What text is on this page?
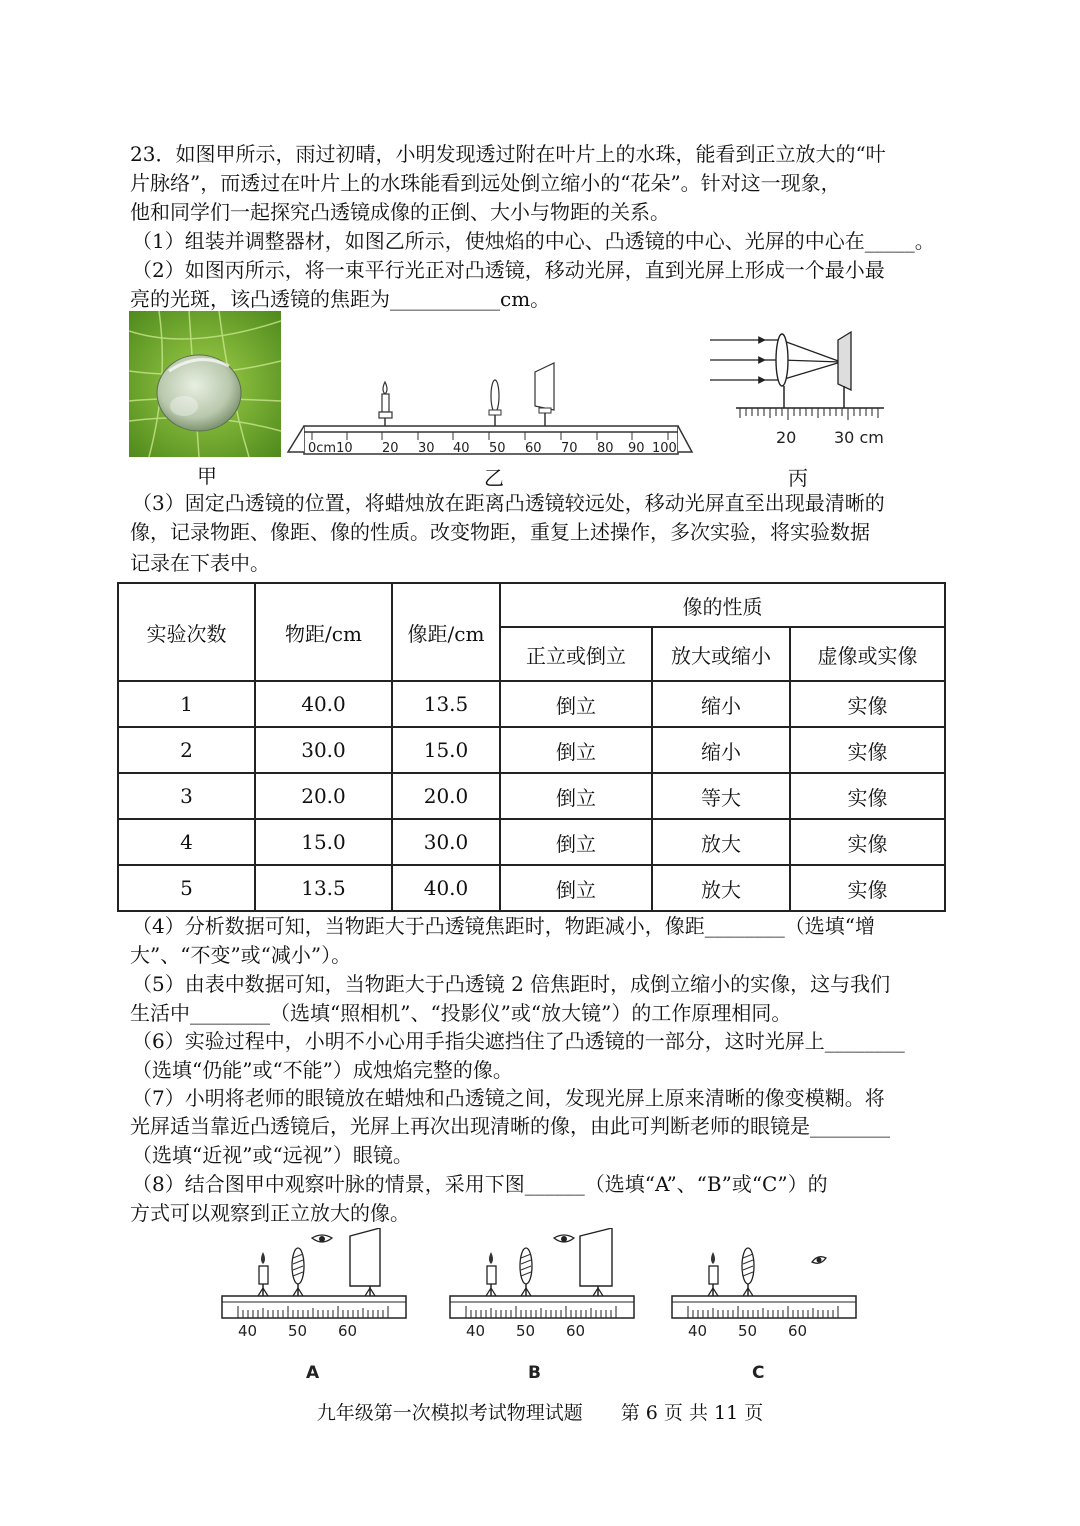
23．如图甲所示，雨过初晴，小明发现透过附在叶片上的水珠，能看到正立放大的“叶
片脉络”，而透过在叶片上的水珠能看到远处倒立缩小的“花朵”。针对这一现象，
他和同学们一起探究凸透镜成像的正倒、大小与物距的关系。
（1）组装并调整器材，如图乙所示，使烛焰的中心、凸透镜的中心、光屏的中心在_____。
（2）如图丙所示，将一束平行光正对凸透镜，移动光屏，直到光屏上形成一个最小最
亮的光斑，该凸透镜的焦距为___________cm。
甲
0cm10 20 30 40 50 60 70 80 90 100
乙
20 30 cm
丙
（3）固定凸透镜的位置，将蜡烛放在距离凸透镜较远处，移动光屏直至出现最清晰的
像，记录物距、像距、像的性质。改变物距，重复上述操作，多次实验，将实验数据
记录在下表中。
实验次数	物距/cm	像距/cm	像的性质		
			正立或倒立	放大或缩小	虚像或实像
1	40.0	13.5	倒立	缩小	实像
2	30.0	15.0	倒立	缩小	实像
3	20.0	20.0	倒立	等大	实像
4	15.0	30.0	倒立	放大	实像
5	13.5	40.0	倒立	放大	实像
（4）分析数据可知，当物距大于凸透镜焦距时，物距减小，像距________（选填“增
大”、“不变”或“减小”）。
（5）由表中数据可知，当物距大于凸透镜 2 倍焦距时，成倒立缩小的实像，这与我们
生活中________（选填“照相机”、“投影仪”或“放大镜”）的工作原理相同。
（6）实验过程中，小明不小心用手指尖遮挡住了凸透镜的一部分，这时光屏上________
（选填“仍能”或“不能”）成烛焰完整的像。
（7）小明将老师的眼镜放在蜡烛和凸透镜之间，发现光屏上原来清晰的像变模糊。将
光屏适当靠近凸透镜后，光屏上再次出现清晰的像，由此可判断老师的眼镜是________
（选填“近视”或“远视”）眼镜。
（8）结合图甲中观察叶脉的情景，采用下图______（选填“A”、“B”或“C”）的
方式可以观察到正立放大的像。
40 50 60
A
40 50 60
B
40 50 60
C
九年级第一次模拟考试物理试题　　第 6 页 共 11 页
